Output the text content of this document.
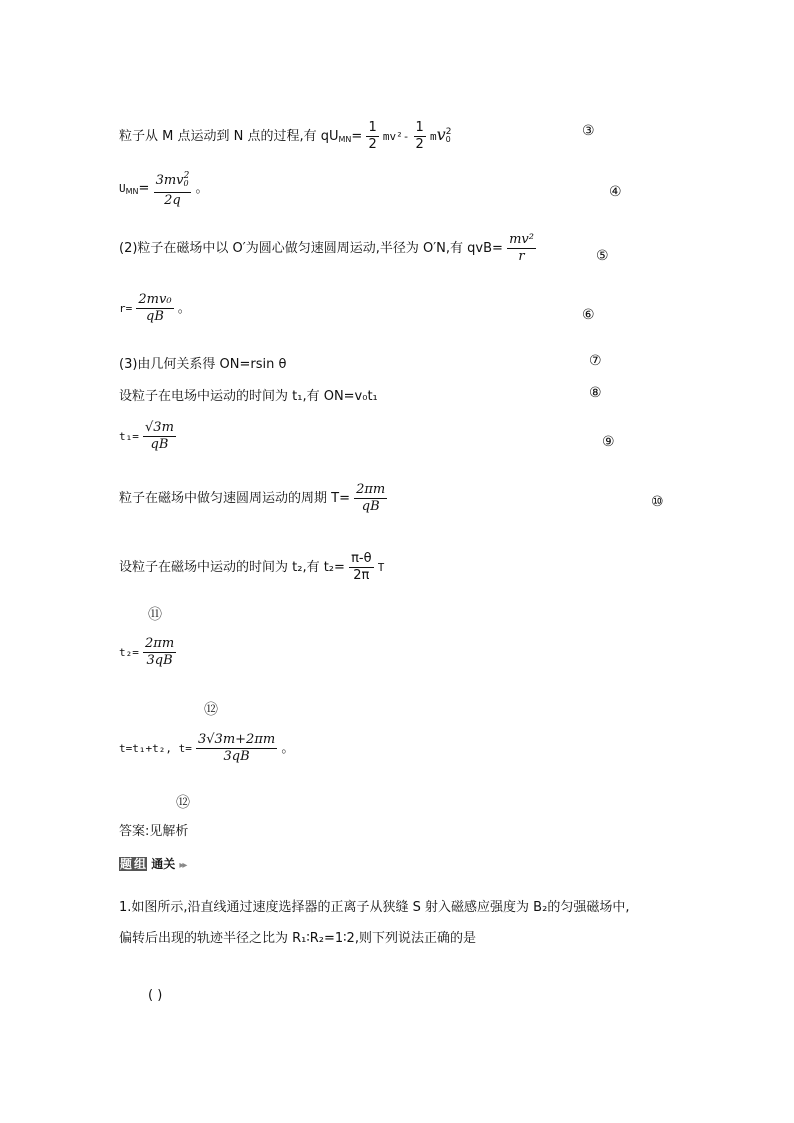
粒子从 M 点运动到 N 点的过程,有 $qU_{MN}= \frac{1}{2} mv^2- \frac{1}{2} mv_0^2$	③
$U_{MN}= \frac{3mv_0^2}{2q}$ 。	④
(2)粒子在磁场中以 O′为圆心做匀速圆周运动,半径为 O′N,有 $qvB= \frac{\text{mv²}}{r}$	⑤
$r= \frac{\text{2mv₀}}{qB}$ 。	⑥
(3)由几何关系得 ON=rsin θ	⑦
设粒子在电场中运动的时间为 t₁,有 ON=v₀t₁	⑧
$t_1= \frac{√3m}{qB}$	⑨
粒子在磁场中做匀速圆周运动的周期 $T= \frac{2\pi m}{qB}$	⑩
设粒子在磁场中运动的时间为 t₂,有 $t_2= \frac{\pi-\theta}{2\pi}$ T
⑪
$t_2= \frac{2\pi m}{3qB}$
⑫
t=t₁+t₂, $t= \frac{3√3m+2\pi m}{3qB}$ 。
⑫
答案:见解析
题 组 通关 ▸▸
1.如图所示,沿直线通过速度选择器的正离子从狭缝 S 射入磁感应强度为 B₂的匀强磁场中,
偏转后出现的轨迹半径之比为 R₁∶R₂=1∶2,则下列说法正确的是
( )
